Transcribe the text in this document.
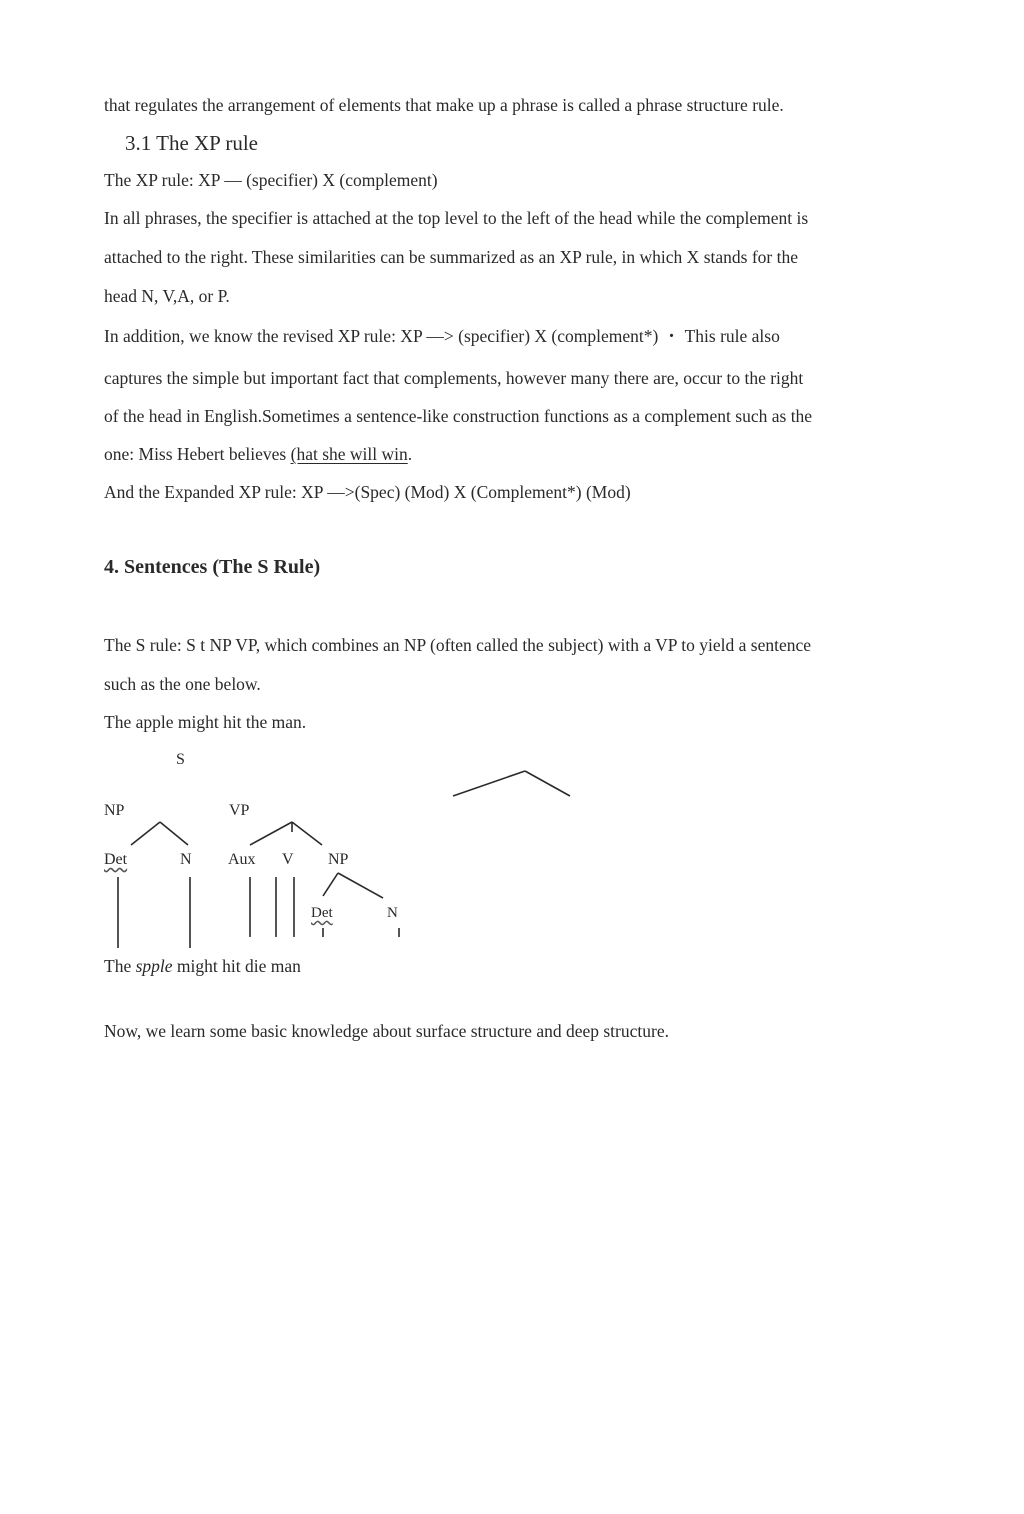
that regulates the arrangement of elements that make up a phrase is called a phrase structure rule.
3.1 The XP rule
The XP rule: XP — (specifier) X (complement)
In all phrases, the specifier is attached at the top level to the left of the head while the complement is
attached to the right. These similarities can be summarized as an XP rule, in which X stands for the
head N, V,A, or P.
In addition, we know the revised XP rule: XP —> (specifier) X (complement*) ・ This rule also
captures the simple but important fact that complements, however many there are, occur to the right
of the head in English.Sometimes a sentence-like construction functions as a complement such as the
one: Miss Hebert believes (hat she will win.
And the Expanded XP rule: XP —>(Spec) (Mod) X (Complement*) (Mod)
4. Sentences (The S Rule)
The S rule: S t NP VP, which combines an NP (often called the subject) with a VP to yield a sentence
such as the one below.
The apple might hit the man.
S
NP	VP
Det	N Aux V NP
Det	N
The spple might hit die man
Now, we learn some basic knowledge about surface structure and deep structure.
